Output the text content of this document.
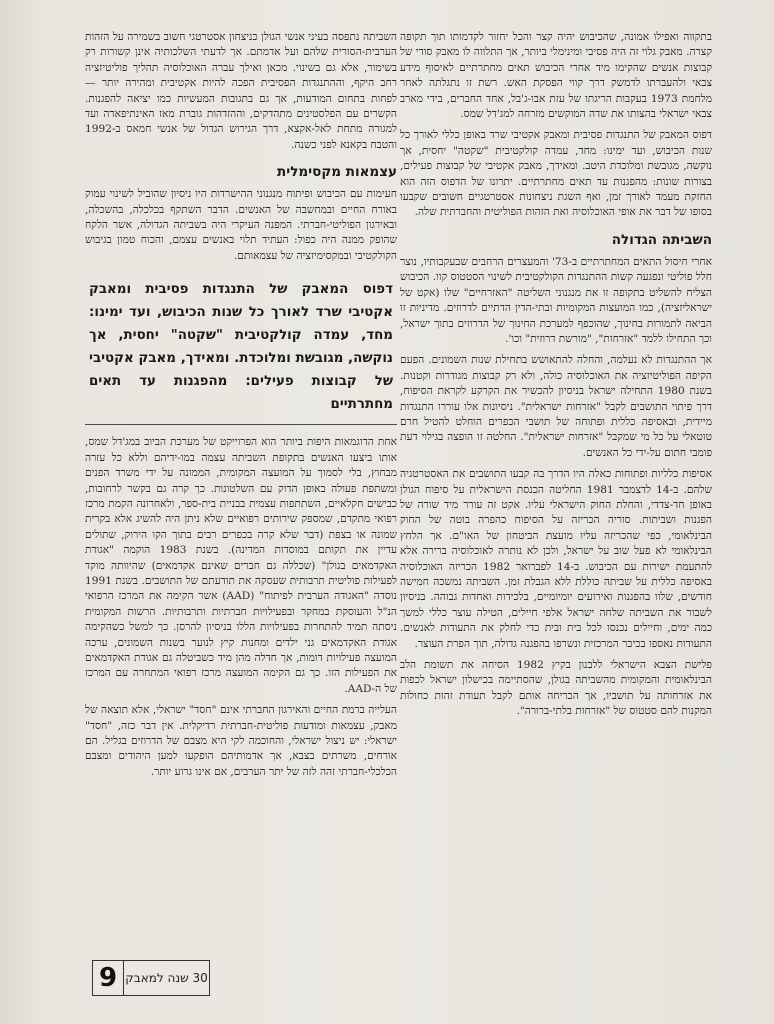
בתקווה ואפילו אמונה, שהכיבוש יהיה קצר והכל יחזור לקדמותו תוך תקופה קצרה. מאבק גלוי זה היה פסיבי ומינימלי ביותר, אך התלווה לו מאבק סודי של קבוצות אנשים שהקימו מיד אחרי הכיבוש תאים מחתרתיים לאיסוף מידע צבאי ולהעברתו לדמשק דרך קווי הפסקת האש. רשת זו נתגלתה לאחר מלחמת 1973 בעקבות הריגתו של עזת אבו-ג'בל, אחד החברים, בידי מארב צבאי ישראלי בהצותו את שדה המוקשים מזרחה למג'דל שמס.

דפוס המאבק של התנגדות פסיבית ומאבק אקטיבי שרד באופן כללי לאורך כל שנות הכיבוש, ועד ימינו: מחד, עמדה קולקטיבית "שקטה" יחסית, אך נוקשה, מגובשת ומלוכדת היטב. ומאידך, מאבק אקטיבי של קבוצות פעילים, בצורות שונות: מהפגנות עד תאים מחתרתיים. יתרונו של הדפוס הזה הוא החזקת מעמד לאורך זמן, ואף השגת ניצחונות אסטרטגיים חשובים שקבעו בסופו של דבר את אופי האוכלוסיה ואת הזהות הפוליטית והחברתית שלה.

השביתה הגדולה

אחרי חיסול התאים המחתרתיים ב-73' והמעצרים הרחבים שבעקבותיו, נוצר חלל פוליטי ונפגעה קשות ההתנגדות הקולקטיבית לשינוי הסטטוס קוו. הכיבוש הצליח להשליט בתקופה זו את מנגנוני השליטה "האזרחיים" שלו (אקט של ישראליזציה), כמו המועצות המקומיות ובתי-הדין הדתיים לדרוזים. מדיניות זו הביאה לתמורות בחינוך, שהוכפף למערכת החינוך של הדרוזים בתוך ישראל, וכך התחילו ללמד "אזרחות", "מורשת דרוזית" וכו'.

אך ההתנגדות לא נעלמה, והחלה להתאושש בתחילת שנות השמונים. הפעם הקיפה הפוליטיזציה את האוכלוסיה כולה, ולא רק קבוצות מגודרות וקטנות. בשנת 1980 התחילה ישראל בניסיון להכשיר את הקרקע לקראת הסיפוח, דרך פיתוי התושבים לקבל "אזרחות ישראלית". ניסיונות אלו עוררו התנגדות מיידית, ובאסיפה כללית ופתוחה של תושבי הכפרים הוחלט להטיל חרם טוטאלי על כל מי שמקבל "אזרחות ישראלית". החלטה זו הופצה בגילוי דעת פומבי חתום על-ידי כל האנשים.

אסיפות כלליות ופתוחות כאלה היו הדרך בה קבעו התושבים את האסטרטגיה שלהם. ב-14 לדצמבר 1981 החליטה הכנסת הישראלית על סיפוח הגולן באופן חד-צדדי, והחלת החוק הישראלי עליו. אקט זה עורר מיד שורה של הפגנות ושביתות. סוריה הכריזה על הסיפוח כהפרה בוטה של החוק הבינלאומי, כפי שהכריזה עליו מועצת הביטחון של האו"ם. אך הלחץ הבינלאומי לא פעל שוב על ישראל, ולכן לא נותרה לאוכלוסיה ברירה אלא להתעמת ישירות עם הכיבוש. ב-14 לפברואר 1982 הכריזה האוכלוסיה באסיפה כללית על שביתה כוללת ללא הגבלת זמן. השביתה נמשכה חמישה חודשים, שלוו בהפגנות ואירועים יומיומיים, בלכידות ואחדות גבוהה. בניסיון לשבור את השביתה שלחה ישראל אלפי חיילים, הטילה עוצר כללי למשך כמה ימים, וחיילים נכנסו לכל בית ובית כדי לחלק את התעודות לאנשים. התעודות נאספו בכיכר המרכזית ונשרפו בהפגנה גדולה, תוך הפרת העוצר.

פלישת הצבא הישראלי ללבנון בקיץ 1982 הסיחה את תשומת הלב הבינלאומית והמקומית מהשביתה בגולן, שהסתיימה בכישלון ישראל לכפות את אזרחותה על תושביו, אך הכריחה אותם לקבל תעודת זהות כחולות המקנות להם סטטוס של "אזרחות בלתי-ברורה".

השביתה נתפסה בעיני אנשי הגולן כניצחון אסטרטגי חשוב בשמירה על הזהות הערבית-הסורית שלהם ועל אדמתם. אך לדעתי השלכותיה אינן קשורות רק בשימור, אלא גם בשינוי. מכאן ואילך עברה האוכלוסיה תהליך פוליטיזציה רחב היקף, וההתנגדות הפסיבית הפכה להיות אקטיבית ומהירה יותר — לפחות בתחום המודעות, אך גם בתגובות המעשיות כמו יציאה להפגנות. הקשרים עם הפלסטינים מתהדקים, וההזדהות גוברת מאז האינתיפאדה ועד למגורה מתחת לאל-אקצא, דרך הגירוש הגדול של אנשי חמאס ב-1992 והטבח בקאנא לפני כשנה.

עצמאות מקסימלית

חעימות עם הכיבוש ופיתוח מנגנוני ההישרדות היו ניסיון שהוביל לשינוי עמוק באורח החיים ובמחשבה של האנשים. הדבר השתקף בכלכלה, בהשכלה, ובאירגון הפוליטי-חברתי. המפנה העיקרי היה בשביתה הגדולה, אשר הלקח שהופק ממנה היה כפול: העתיד תלוי באנשים עצמם, והכוח טמון בגיבוש הקולקטיבי ובמקסימיזציה של עצמאותם.

דפוס המאבק של התנגדות פסיבית ומאבק אקטיבי שרד לאורך כל שנות הכיבוש, ועד ימינו: מחד, עמדה קולקטיבית "שקטה" יחסית, אך נוקשה, מגובשת ומלוכדת. ומאידך, מאבק אקטיבי של קבוצות פעילים: מהפגנות עד תאים מחתרתיים

אחת הדוגמאות היפות ביותר הוא הפרוייקט של מערכת הביוב במג'דל שמס, אותו ביצעו האנשים בתקופת השביתה עצמה במו-ידיהם וללא כל עזרה מבחוץ, בלי לסמוך על המועצה המקומית, הממונה על ידי משרד הפנים ומשתפת פעולה באופן הדוק עם השלטונות. כך קרה גם בקשר לרחובות, כבישים חקלאיים, השתתפות עצמית בבניית בית-ספר, ולאחרונה הקמת מרכז רפואי מתקדם, שמספק שירותים רפואיים שלא ניתן היה להשיג אלא בקרית שמונה או בצפת (דבר שלא קרה בכפרים רבים בתוך הקו הירוק, שתולים עדיין את תקותם במוסדות המדינה). בשנת 1983 הוקמה "אגודת האקדמאים בגולן" (שכללה גם חברים שאינם אקדמאים) שהיוותה מוקד לפעילות פוליטית תרבותית שעסקה את תודעתם של התושבים. בשנת 1991 נוסדה "האגודה הערבית לפיתוח" (AAD) אשר הקימה את המרכז הרפואי הנ"ל והעוסקת במחקר ובפעילויות חברתיות ותרבותיות. הרשות המקומית ניסתה תמיד להתחרות בפעילויות הללו בניסיון להרסן. כך למשל כשהקימה אגודת האקדמאים גני ילדים ומחנות קיץ לנוער בשנות השמונים, ערכה המועצה פעילויות דומות, אך חדלה מהן מיד כשביטלה גם אגודת האקדמאים את הפעילות הזו. כך גם הקימה המועצה מרכז רפואי המתחרה עם המרכז של ה-AAD.

העלייה ברמת החיים והאירגון החברתי אינם "חסד" ישראלי, אלא תוצאה של מאבק, עצמאות ומודעות פוליטית-חברתית רדיקלית. אין דבר כזה, "חסד" ישראלי: יש ניצול ישראלי, והחוכמה לקי היא מצבם של הדרוזים בגליל. הם אורחים, משרתים בצבא, אך אדמותיהם הופקעו למען היהודים ומצבם הכלכלי-חברתי זהה לזה של יתר הערבים, אם אינו גרוע יותר.

30 שנה למאבק
9
